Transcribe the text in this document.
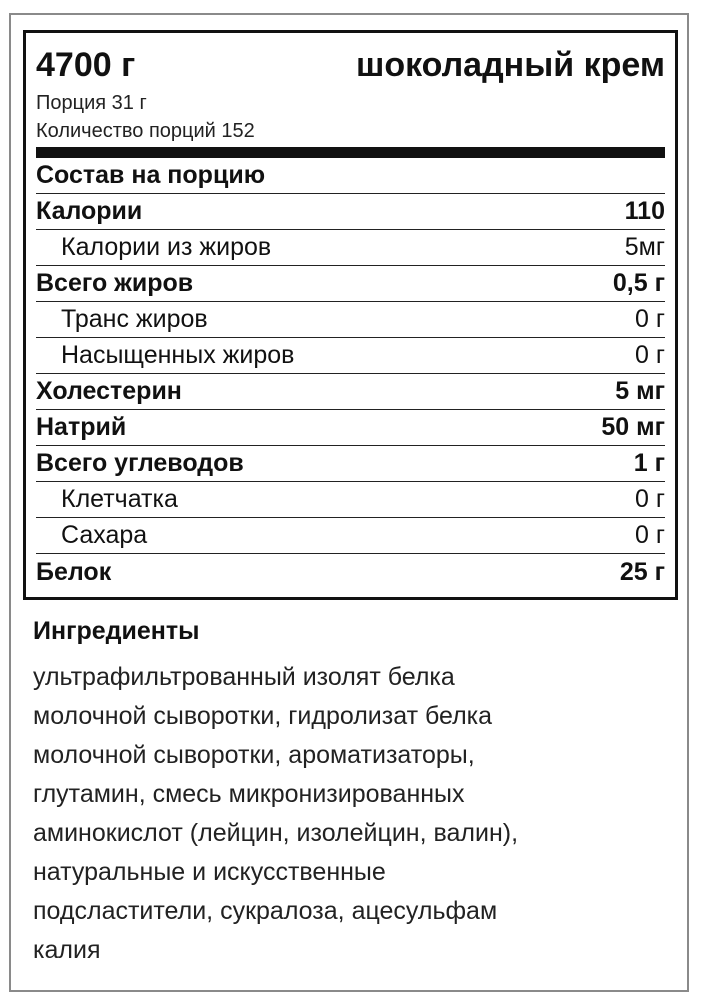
4700 г	шоколадный крем
Порция 31 г
Количество порций 152
Состав на порцию
Калории	110
Калории из жиров	5мг
Всего жиров	0,5 г
Транс жиров	0 г
Насыщенных жиров	0 г
Холестерин	5 мг
Натрий	50 мг
Всего углеводов	1 г
Клетчатка	0 г
Сахара	0 г
Белок	25 г
Ингредиенты
ультрафильтрованный изолят белка
молочной сыворотки, гидролизат белка
молочной сыворотки, ароматизаторы,
глутамин, смесь микронизированных
аминокислот (лейцин, изолейцин, валин),
натуральные и искусственные
подсластители, сукралоза, ацесульфам
калия
